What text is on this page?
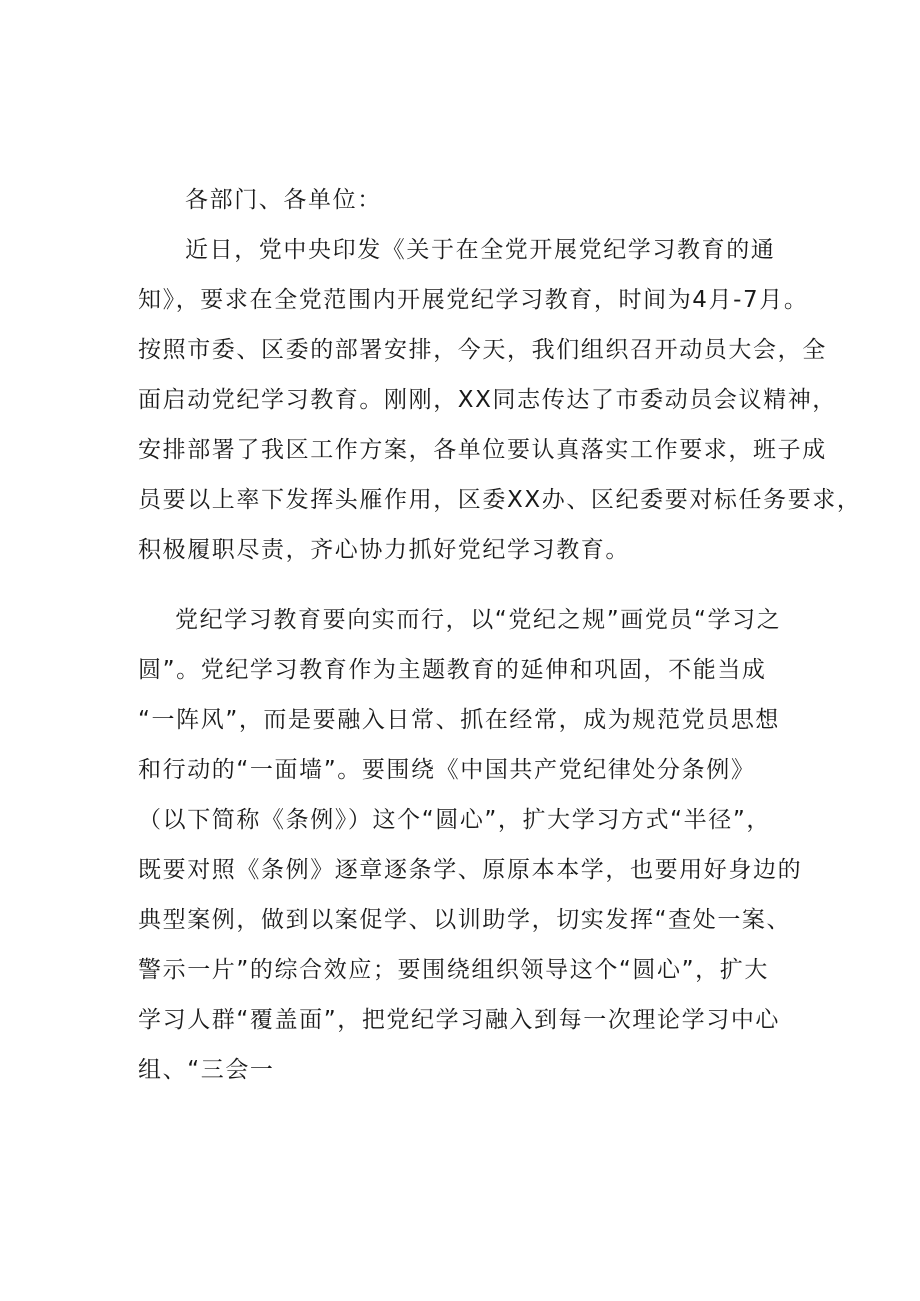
各部门、各单位：
近日，党中央印发《关于在全党开展党纪学习教育的通
知》，要求在全党范围内开展党纪学习教育，时间为4月-7月。
按照市委、区委的部署安排，今天，我们组织召开动员大会，全
面启动党纪学习教育。刚刚，XX同志传达了市委动员会议精神，
安排部署了我区工作方案，各单位要认真落实工作要求，班子成
员要以上率下发挥头雁作用，区委XX办、区纪委要对标任务要求，
积极履职尽责，齐心协力抓好党纪学习教育。
党纪学习教育要向实而行，以“党纪之规”画党员“学习之
圆”。党纪学习教育作为主题教育的延伸和巩固，不能当成
“一阵风”，而是要融入日常、抓在经常，成为规范党员思想
和行动的“一面墙”。要围绕《中国共产党纪律处分条例》
（以下简称《条例》）这个“圆心”，扩大学习方式“半径”，
既要对照《条例》逐章逐条学、原原本本学，也要用好身边的
典型案例，做到以案促学、以训助学，切实发挥“查处一案、
警示一片”的综合效应；要围绕组织领导这个“圆心”，扩大
学习人群“覆盖面”，把党纪学习融入到每一次理论学习中心
组、“三会一
